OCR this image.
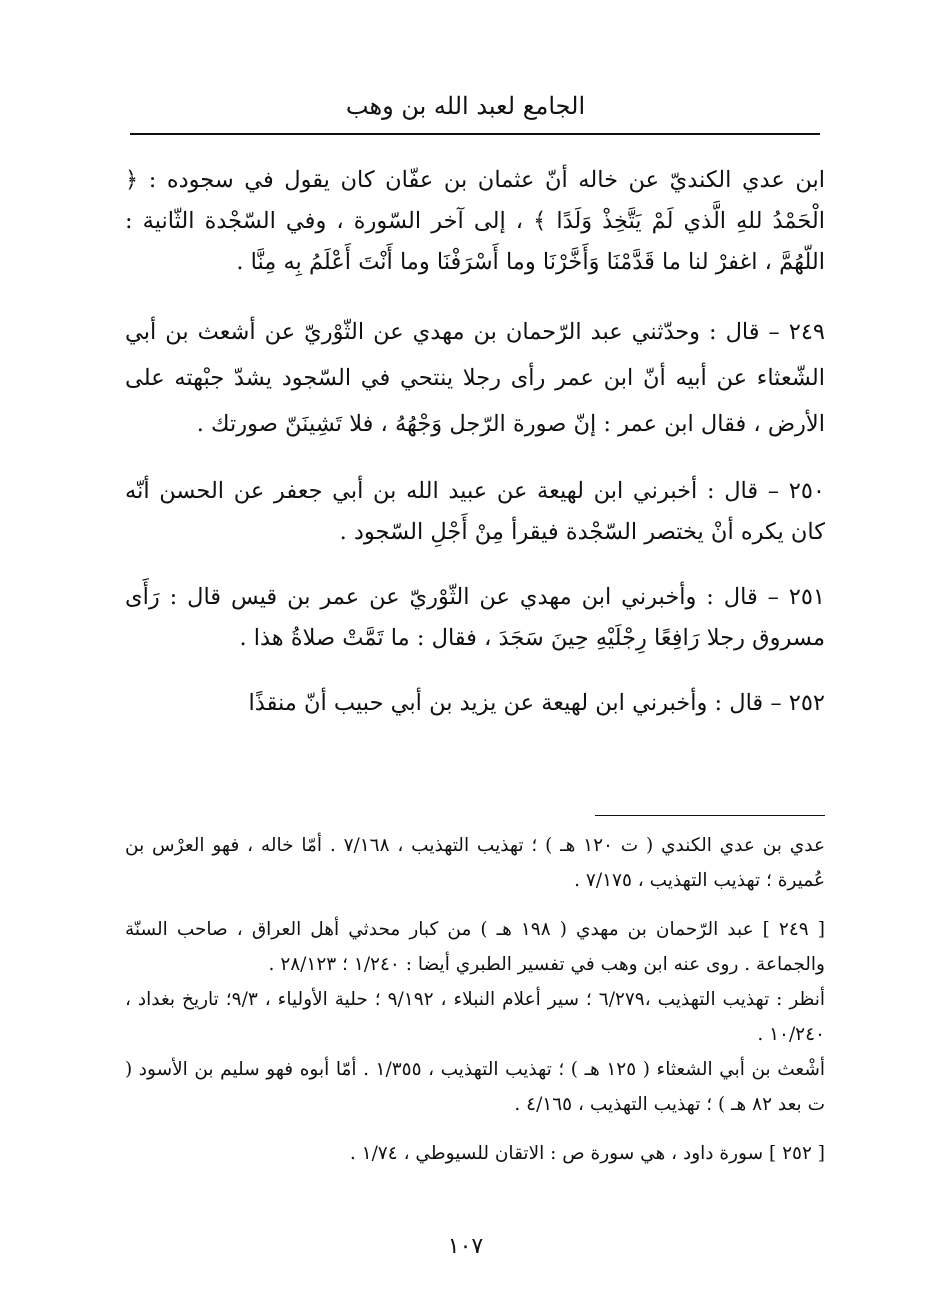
الجامع لعبد الله بن وهب

ابن عدي الكنديّ عن خاله أنّ عثمان بن عفّان كان يقول في سجوده : ﴿ الْحَمْدُ للهِ الَّذي لَمْ يَتَّخِذْ وَلَدًا ﴾ ، إلى آخر السّورة ، وفي السّجْدة الثّانية : اللّهُمَّ ، اغفرْ لنا ما قَدَّمْنَا وَأَخَّرْنَا وما أَسْرَفْنَا وما أَنْتَ أَعْلَمُ بِه مِنَّا .

٢٤٩ – قال : وحدّثني عبد الرّحمان بن مهدي عن الثّوْريّ عن أشعث بن أبي الشّعثاء عن أبيه أنّ ابن عمر رأى رجلا ينتحي في السّجود يشدّ جبْهته على الأرض ، فقال ابن عمر : إنّ صورة الرّجل وَجْهُهُ ، فلا تَشِينَنّ صورتك .

٢٥٠ – قال : أخبرني ابن لهيعة عن عبيد الله بن أبي جعفر عن الحسن أنّه كان يكره أنْ يختصر السّجْدة فيقرأ مِنْ أَجْلِ السّجود .

٢٥١ – قال : وأخبرني ابن مهدي عن الثّوْريّ عن عمر بن قيس قال : رَأَى مسروق رجلا رَافِعًا رِجْلَيْهِ حِينَ سَجَدَ ، فقال : ما تَمَّتْ صلاةُ هذا .

٢٥٢ – قال : وأخبرني ابن لهيعة عن يزيد بن أبي حبيب أنّ منقذًا

عدي بن عدي الكندي ( ت ١٢٠ هـ ) ؛ تهذيب التهذيب ، ٧/١٦٨ . أمّا خاله ، فهو العرْس بن عُميرة ؛ تهذيب التهذيب ، ٧/١٧٥ .

[ ٢٤٩ ] عبد الرّحمان بن مهدي ( ١٩٨ هـ ) من كبار محدثي أهل العراق ، صاحب السنّة والجماعة . روى عنه ابن وهب في تفسير الطبري أيضا : ١/٢٤٠ ؛ ٢٨/١٢٣ .

أنظر : تهذيب التهذيب ،٦/٢٧٩ ؛ سير أعلام النبلاء ، ٩/١٩٢ ؛ حلية الأولياء ، ٩/٣؛ تاريخ بغداد ، ١٠/٢٤٠ .

أشْعث بن أبي الشعثاء ( ١٢٥ هـ ) ؛ تهذيب التهذيب ، ١/٣٥٥ . أمّا أبوه فهو سليم بن الأسود ( ت بعد ٨٢ هـ ) ؛ تهذيب التهذيب ، ٤/١٦٥ .

[ ٢٥٢ ] سورة داود ، هي سورة ص : الاتقان للسيوطي ، ١/٧٤ .

١٠٧
